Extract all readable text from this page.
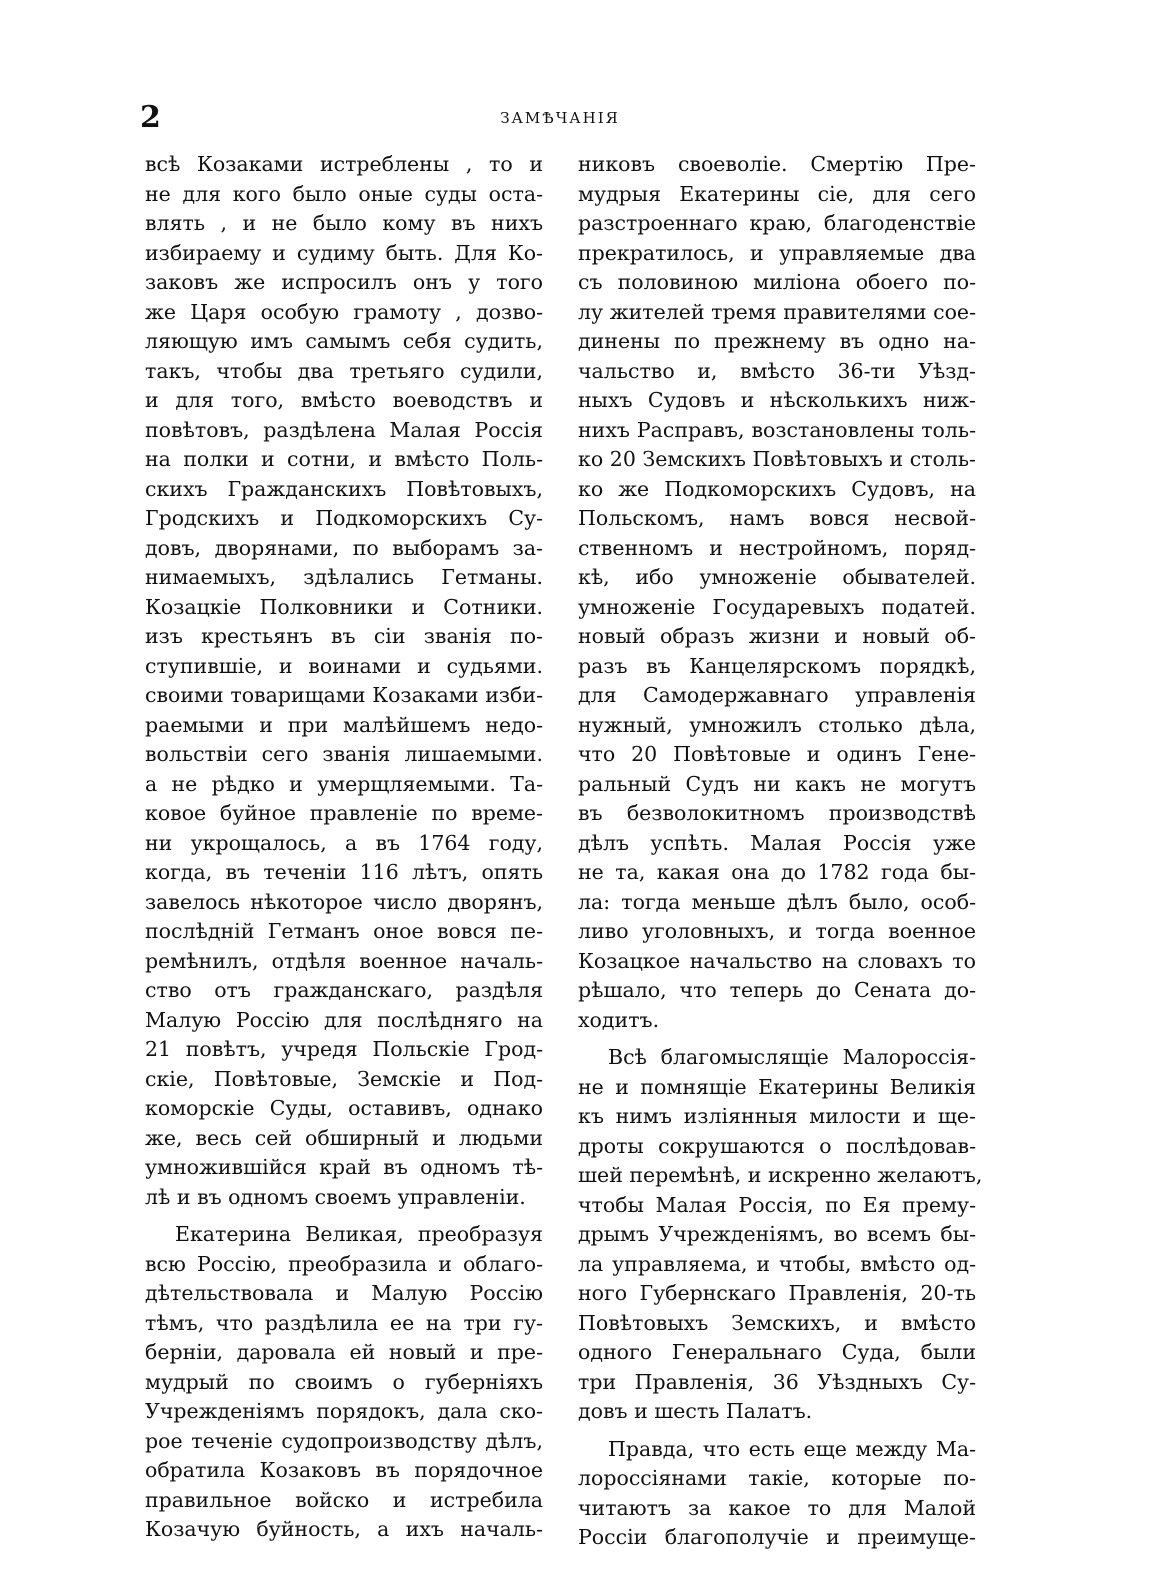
2	ЗАМѢЧАНІЯ

всѣ Козаками истреблены , то и
не для кого было оные суды оста-
влять , и не было кому въ нихъ
избираему и судиму быть. Для Ко-
заковъ же испросилъ онъ у того
же Царя особую грамоту , дозво-
ляющую имъ самымъ себя судить,
такъ, чтобы два третьяго судили,
и для того, вмѣсто воеводствъ и
повѣтовъ, раздѣлена Малая Россія
на полки и сотни, и вмѣсто Поль-
скихъ Гражданскихъ Повѣтовыхъ,
Гродскихъ и Подкоморскихъ Су-
довъ, дворянами, по выборамъ за-
нимаемыхъ, здѣлались Гетманы.
Козацкіе Полковники и Сотники.
изъ крестьянъ въ сіи званія по-
ступившіе, и воинами и судьями.
своими товарищами Козаками изби-
раемыми и при малѣйшемъ недо-
вольствіи сего званія лишаемыми.
а не рѣдко и умерщляемыми. Та-
ковое буйное правленіе по време-
ни укрощалось, а въ 1764 году,
когда, въ теченіи 116 лѣтъ, опять
завелось нѣкоторое число дворянъ,
послѣдній Гетманъ оное вовся пе-
ремѣнилъ, отдѣля военное началь-
ство отъ гражданскаго, раздѣля
Малую Россію для послѣдняго на
21 повѣтъ, учредя Польскіе Грод-
скіе, Повѣтовые, Земскіе и Под-
коморскіе Суды, оставивъ, однако
же, весь сей обширный и людьми
умножившійся край въ одномъ тѣ-
лѣ и въ одномъ своемъ управленіи.

Екатерина Великая, преобразуя
всю Россію, преобразила и облаго-
дѣтельствовала и Малую Россію
тѣмъ, что раздѣлила ее на три гу-
берніи, даровала ей новый и пре-
мудрый по своимъ о губерніяхъ
Учрежденіямъ порядокъ, дала ско-
рое теченіе судопроизводству дѣлъ,
обратила Козаковъ въ порядочное
правильное войско и истребила
Козачую буйность, а ихъ началь-

никовъ своеволіе. Смертію Пре-
мудрыя Екатерины сіе, для сего
разстроеннаго краю, благоденствіе
прекратилось, и управляемые два
съ половиною миліона обоего по-
лу жителей тремя правителями сое-
динены по прежнему въ одно на-
чальство и, вмѣсто 36-ти Уѣзд-
ныхъ Судовъ и нѣсколькихъ ниж-
нихъ Расправъ, возстановлены толь-
ко 20 Земскихъ Повѣтовыхъ и столь-
ко же Подкоморскихъ Судовъ, на
Польскомъ, намъ вовся несвой-
ственномъ и нестройномъ, поряд-
кѣ, ибо умноженіе обывателей.
умноженіе Государевыхъ податей.
новый образъ жизни и новый об-
разъ въ Канцелярскомъ порядкѣ,
для Самодержавнаго управленія
нужный, умножилъ столько дѣла,
что 20 Повѣтовые и одинъ Гене-
ральный Судъ ни какъ не могутъ
въ безволокитномъ производствѣ
дѣлъ успѣть. Малая Россія уже
не та, какая она до 1782 года бы-
ла: тогда меньше дѣлъ было, особ-
ливо уголовныхъ, и тогда военное
Козацкое начальство на словахъ то
рѣшало, что теперь до Сената до-
ходитъ.

Всѣ благомыслящіе Малороссія-
не и помнящіе Екатерины Великія
къ нимъ изліянныя милости и ще-
дроты сокрушаются о послѣдовав-
шей перемѣнѣ, и искренно желаютъ,
чтобы Малая Россія, по Ея прему-
дрымъ Учрежденіямъ, во всемъ бы-
ла управляема, и чтобы, вмѣсто од-
ного Губернскаго Правленія, 20-ть
Повѣтовыхъ Земскихъ, и вмѣсто
одного Генеральнаго Суда, были
три Правленія, 36 Уѣздныхъ Су-
довъ и шесть Палатъ.

Правда, что есть еще между Ма-
лороссіянами такіе, которые по-
читаютъ за какое то для Малой
Россіи благополучіе и преимуще-
